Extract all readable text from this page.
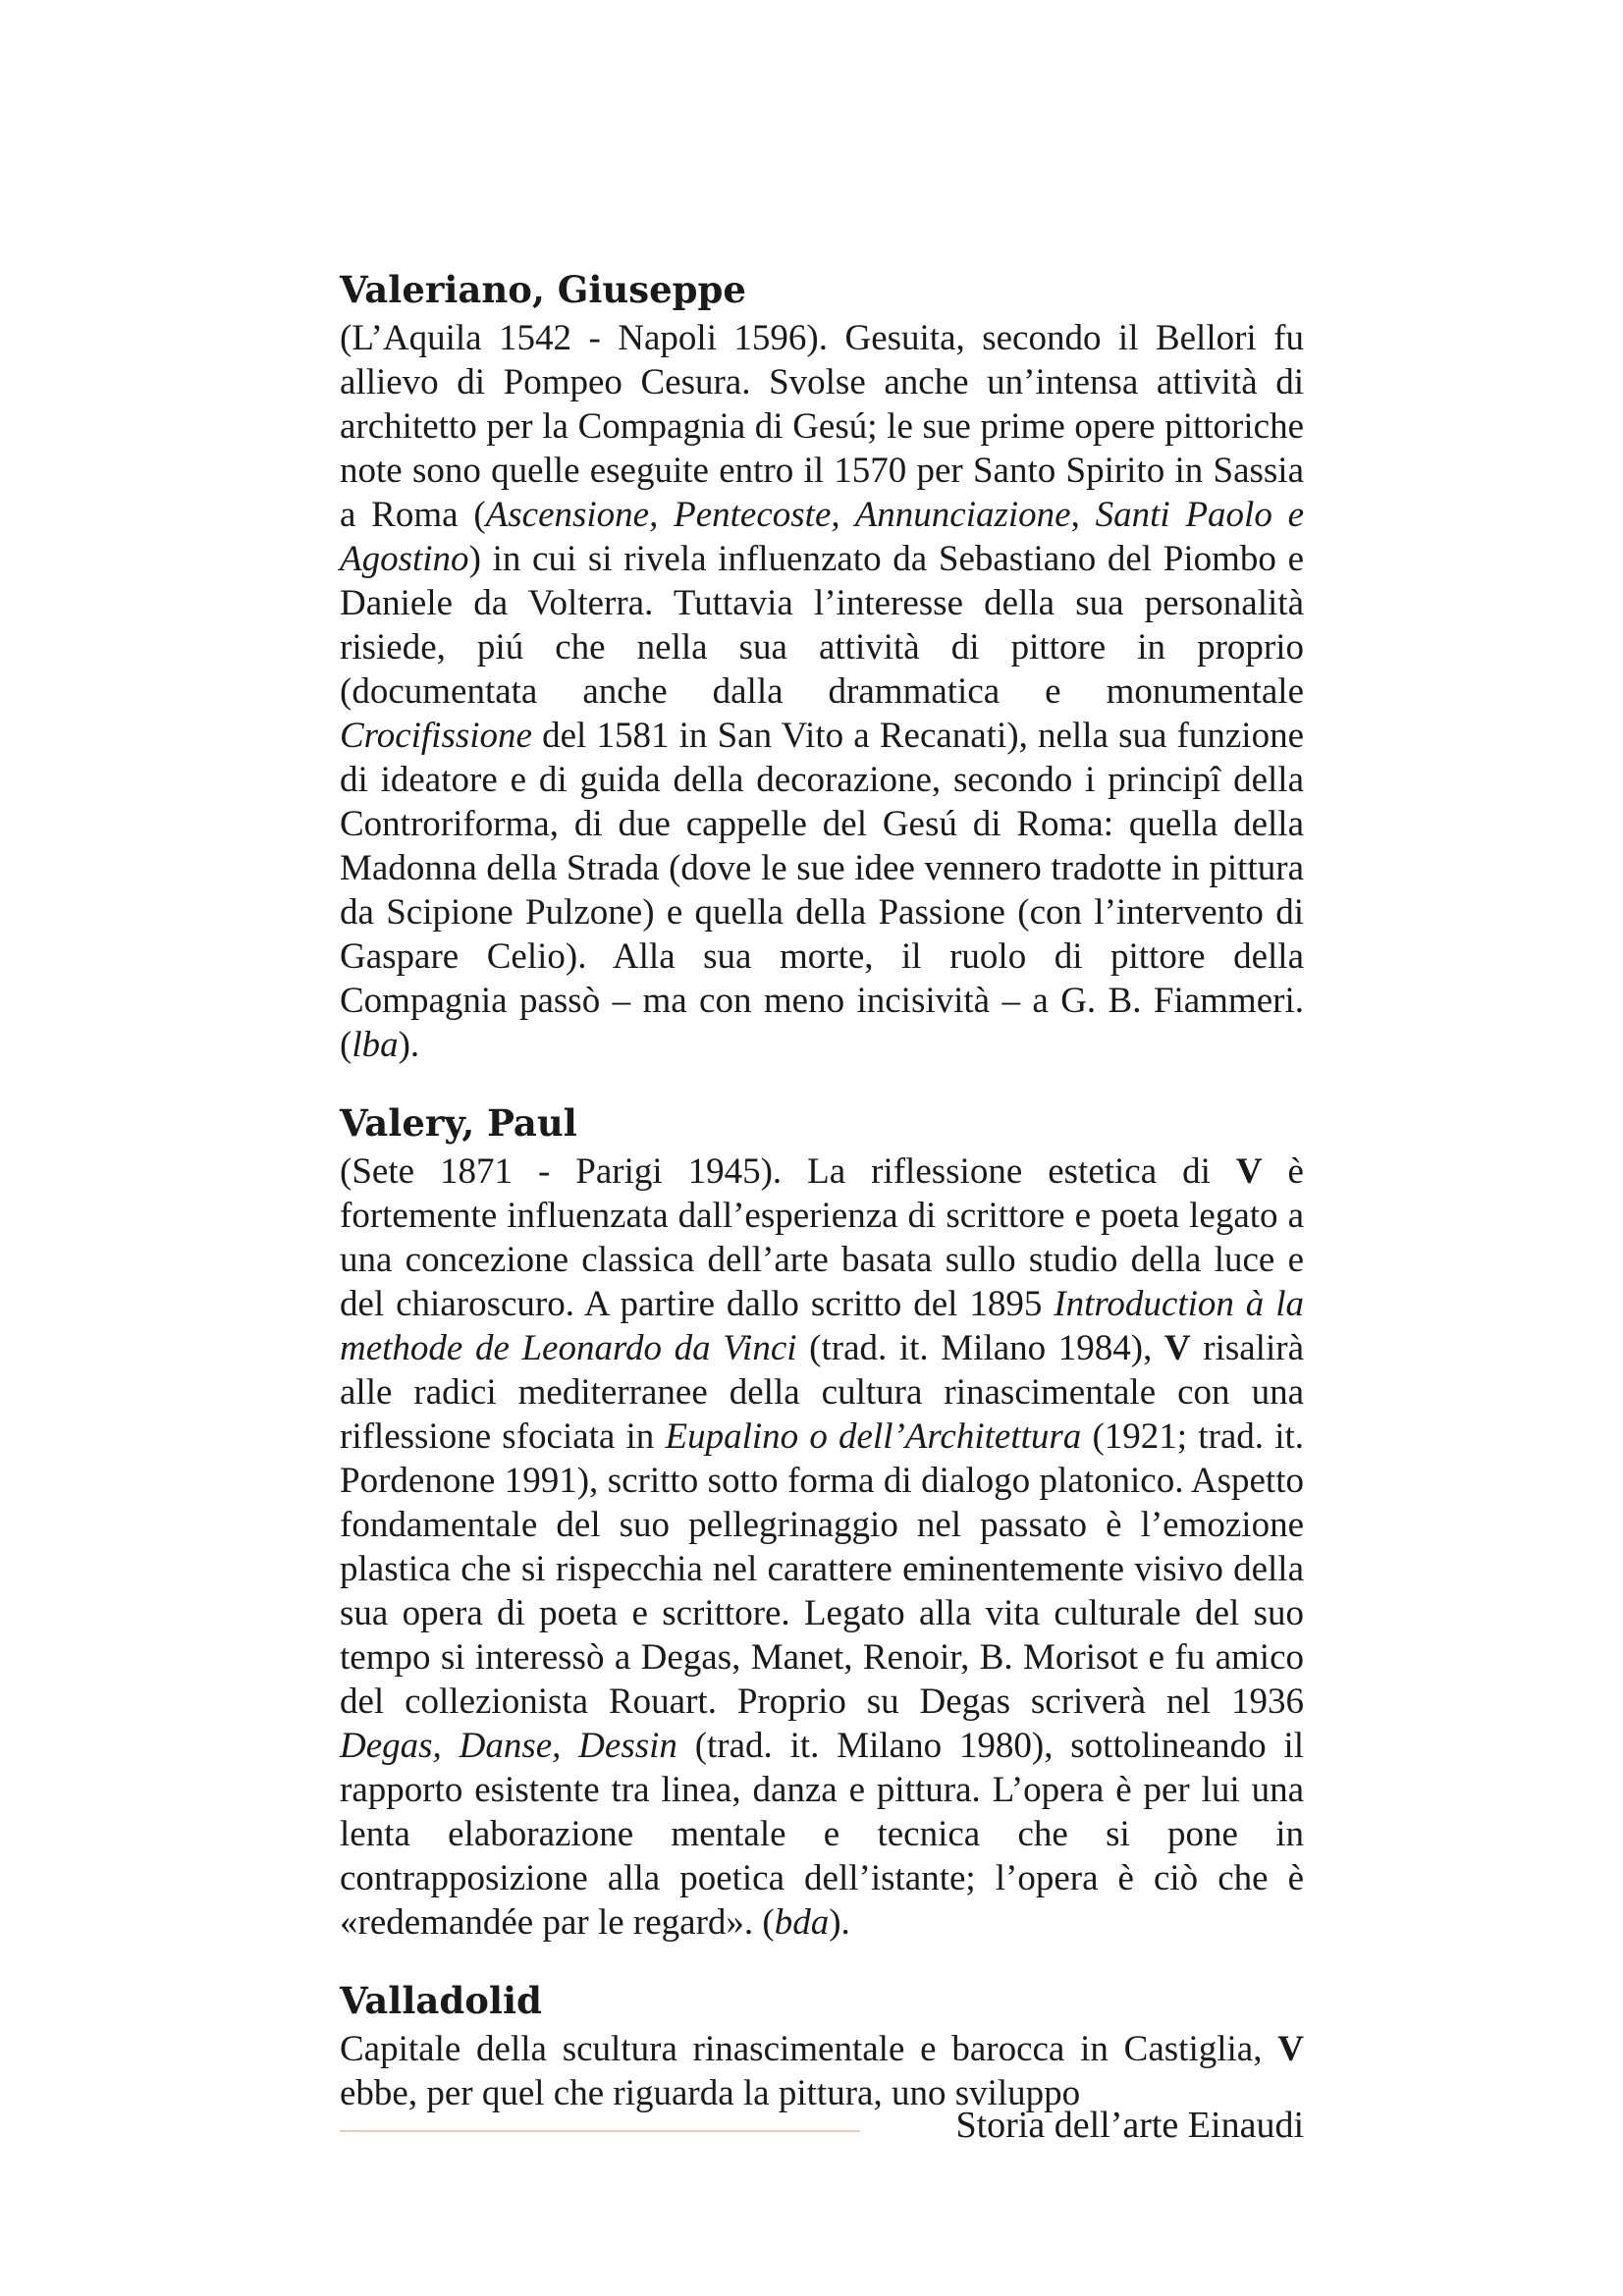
Valeriano, Giuseppe

(L’Aquila 1542 - Napoli 1596). Gesuita, secondo il Bellori fu allievo di Pompeo Cesura. Svolse anche un’intensa attività di architetto per la Compagnia di Gesú; le sue prime opere pittoriche note sono quelle eseguite entro il 1570 per Santo Spirito in Sassia a Roma (Ascensione, Pentecoste, Annunciazione, Santi Paolo e Agostino) in cui si rivela influenzato da Sebastiano del Piombo e Daniele da Volterra. Tuttavia l’interesse della sua personalità risiede, piú che nella sua attività di pittore in proprio (documentata anche dalla drammatica e monumentale Crocifissione del 1581 in San Vito a Recanati), nella sua funzione di ideatore e di guida della decorazione, secondo i principî della Controriforma, di due cappelle del Gesú di Roma: quella della Madonna della Strada (dove le sue idee vennero tradotte in pittura da Scipione Pulzone) e quella della Passione (con l’intervento di Gaspare Celio). Alla sua morte, il ruolo di pittore della Compagnia passò – ma con meno incisività – a G. B. Fiammeri. (lba).

Valery, Paul

(Sete 1871 - Parigi 1945). La riflessione estetica di V è fortemente influenzata dall’esperienza di scrittore e poeta legato a una concezione classica dell’arte basata sullo studio della luce e del chiaroscuro. A partire dallo scritto del 1895 Introduction à la methode de Leonardo da Vinci (trad. it. Milano 1984), V risalirà alle radici mediterranee della cultura rinascimentale con una riflessione sfociata in Eupalino o dell’Architettura (1921; trad. it. Pordenone 1991), scritto sotto forma di dialogo platonico. Aspetto fondamentale del suo pellegrinaggio nel passato è l’emozione plastica che si rispecchia nel carattere eminentemente visivo della sua opera di poeta e scrittore. Legato alla vita culturale del suo tempo si interessò a Degas, Manet, Renoir, B. Morisot e fu amico del collezionista Rouart. Proprio su Degas scriverà nel 1936 Degas, Danse, Dessin (trad. it. Milano 1980), sottolineando il rapporto esistente tra linea, danza e pittura. L’opera è per lui una lenta elaborazione mentale e tecnica che si pone in contrapposizione alla poetica dell’istante; l’opera è ciò che è «redemandée par le regard». (bda).

Valladolid

Capitale della scultura rinascimentale e barocca in Castiglia, V ebbe, per quel che riguarda la pittura, uno sviluppo

Storia dell’arte Einaudi
